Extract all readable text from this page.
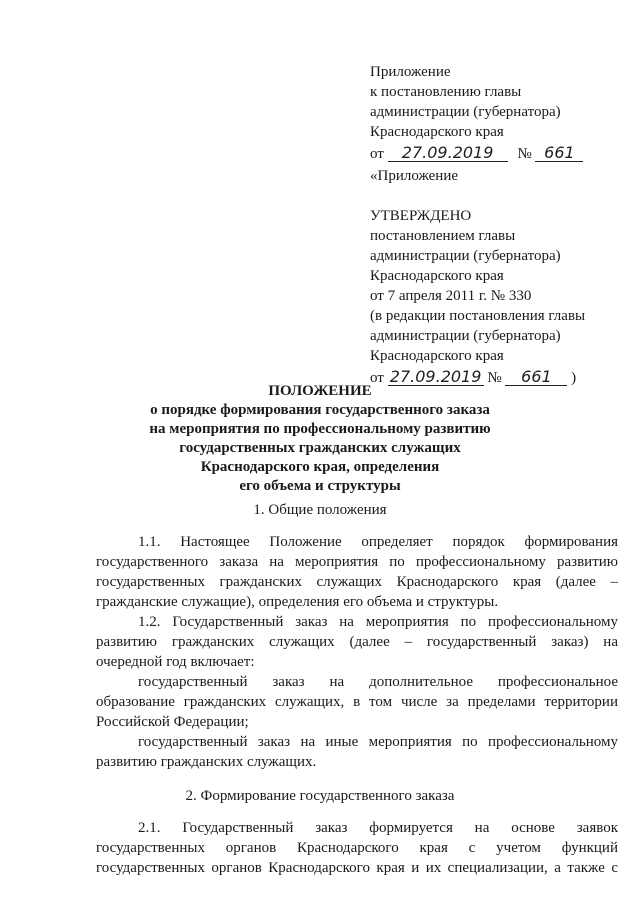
Приложение
к постановлению главы
администрации (губернатора)
Краснодарского края
от 27.09.2019 № 661
«Приложение
УТВЕРЖДЕНО
постановлением главы
администрации (губернатора)
Краснодарского края
от 7 апреля 2011 г. № 330
(в редакции постановления главы
администрации (губернатора)
Краснодарского края
от 27.09.2019 № 661 )
ПОЛОЖЕНИЕ
о порядке формирования государственного заказа
на мероприятия по профессиональному развитию
государственных гражданских служащих
Краснодарского края, определения
его объема и структуры
1. Общие положения
1.1. Настоящее Положение определяет порядок формирования
государственного заказа на мероприятия по профессиональному развитию
государственных гражданских служащих Краснодарского края (далее –
гражданские служащие), определения его объема и структуры.
1.2. Государственный заказ на мероприятия по профессиональному
развитию гражданских служащих (далее – государственный заказ) на
очередной год включает:
государственный заказ на дополнительное профессиональное
образование гражданских служащих, в том числе за пределами территории
Российской Федерации;
государственный заказ на иные мероприятия по профессиональному
развитию гражданских служащих.
2. Формирование государственного заказа
2.1. Государственный заказ формируется на основе заявок
государственных органов Краснодарского края с учетом функций
государственных органов Краснодарского края и их специализации, а также с
